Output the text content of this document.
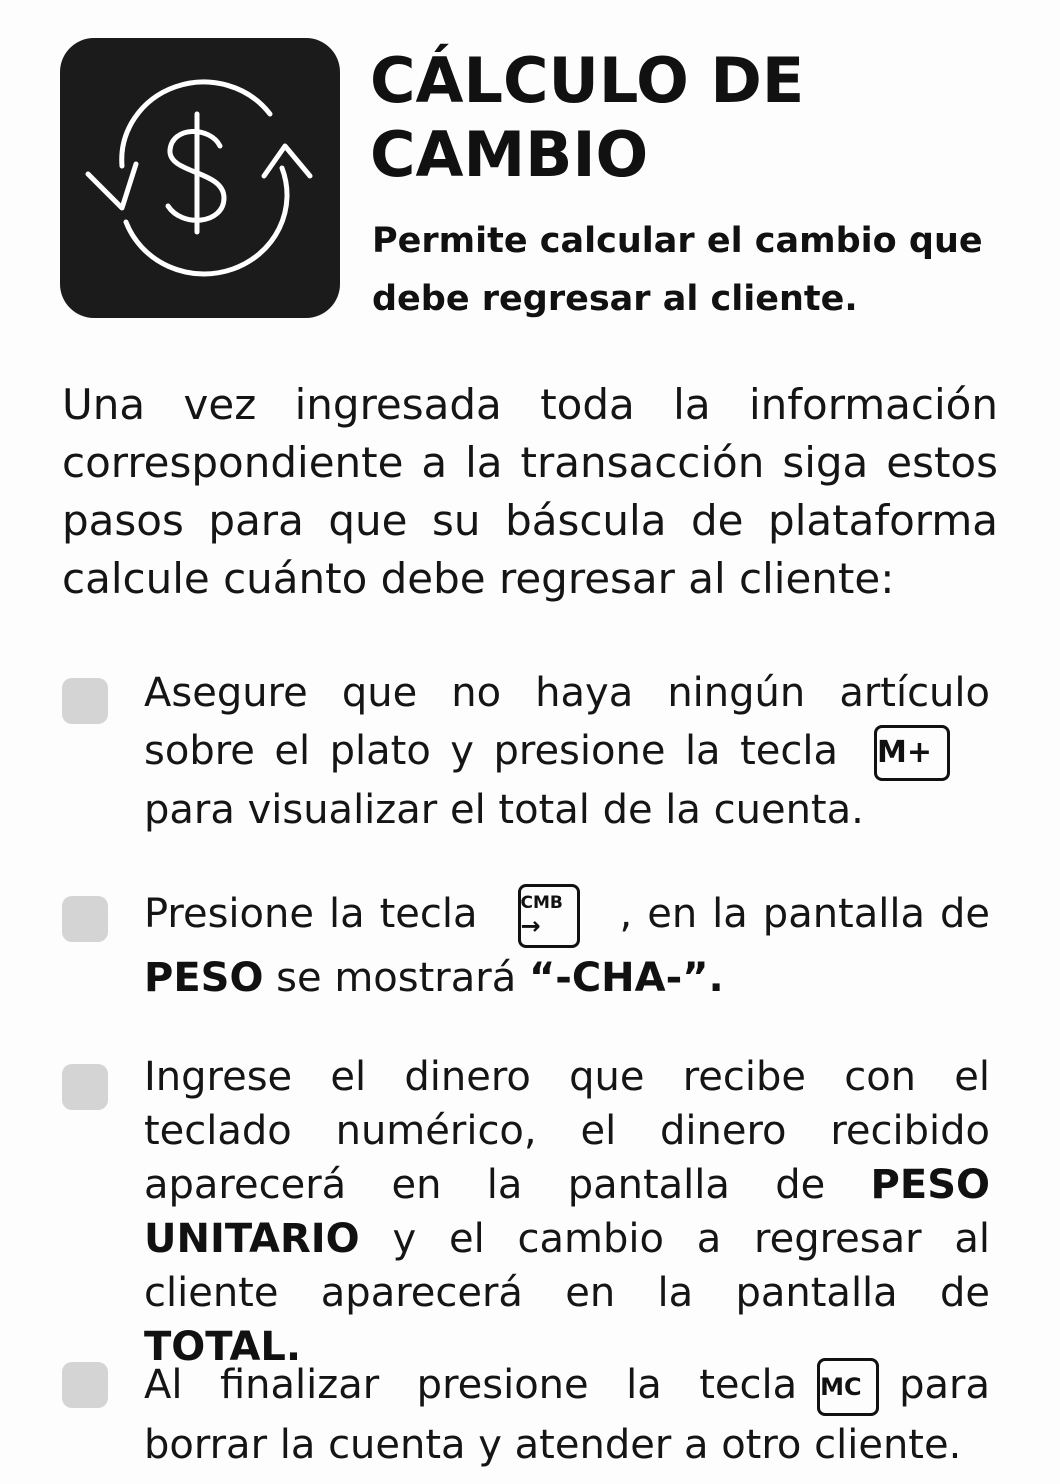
CÁLCULO DE
CAMBIO

Permite calcular el cambio que debe regresar al cliente.

Una vez ingresada toda la información correspondiente a la transacción siga estos pasos para que su báscula de plataforma calcule cuánto debe regresar al cliente:

Asegure que no haya ningún artículo sobre el plato y presione la tecla M+para visualizar el total de la cuenta.

Presione la tecla	CMB
→	, en la pantalla de PESO se mostrará “-CHA-”.

Ingrese el dinero que recibe con el teclado numérico, el dinero recibido aparecerá en la pantalla de PESO UNITARIO y el cambio a regresar al cliente aparecerá en la pantalla de TOTAL.

Al finalizar presione la tecla MC para borrar la cuenta y atender a otro cliente.
